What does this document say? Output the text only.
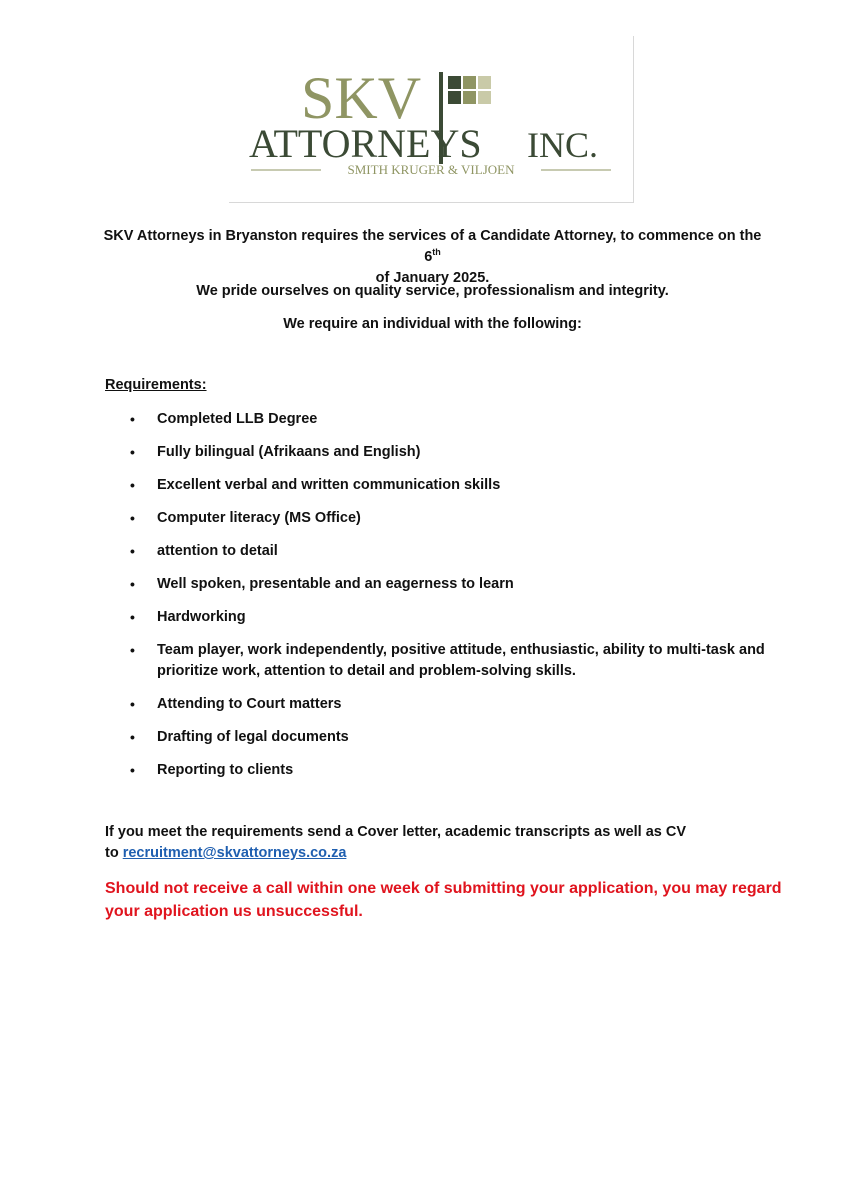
SKV
ATTORNEYS INC.
SMITH KRUGER & VILJOEN
SKV Attorneys in Bryanston requires the services of a Candidate Attorney, to commence on the 6th
of January 2025.
We pride ourselves on quality service, professionalism and integrity.
We require an individual with the following:
Requirements:
• Completed LLB Degree
• Fully bilingual (Afrikaans and English)
• Excellent verbal and written communication skills
• Computer literacy (MS Office)
• attention to detail
• Well spoken, presentable and an eagerness to learn
• Hardworking
• Team player, work independently, positive attitude, enthusiastic, ability to multi-task and prioritize work, attention to detail and problem-solving skills.
• Attending to Court matters
• Drafting of legal documents
• Reporting to clients
If you meet the requirements send a Cover letter, academic transcripts as well as CV
to recruitment@skvattorneys.co.za
Should not receive a call within one week of submitting your application, you may regard your application us unsuccessful.
